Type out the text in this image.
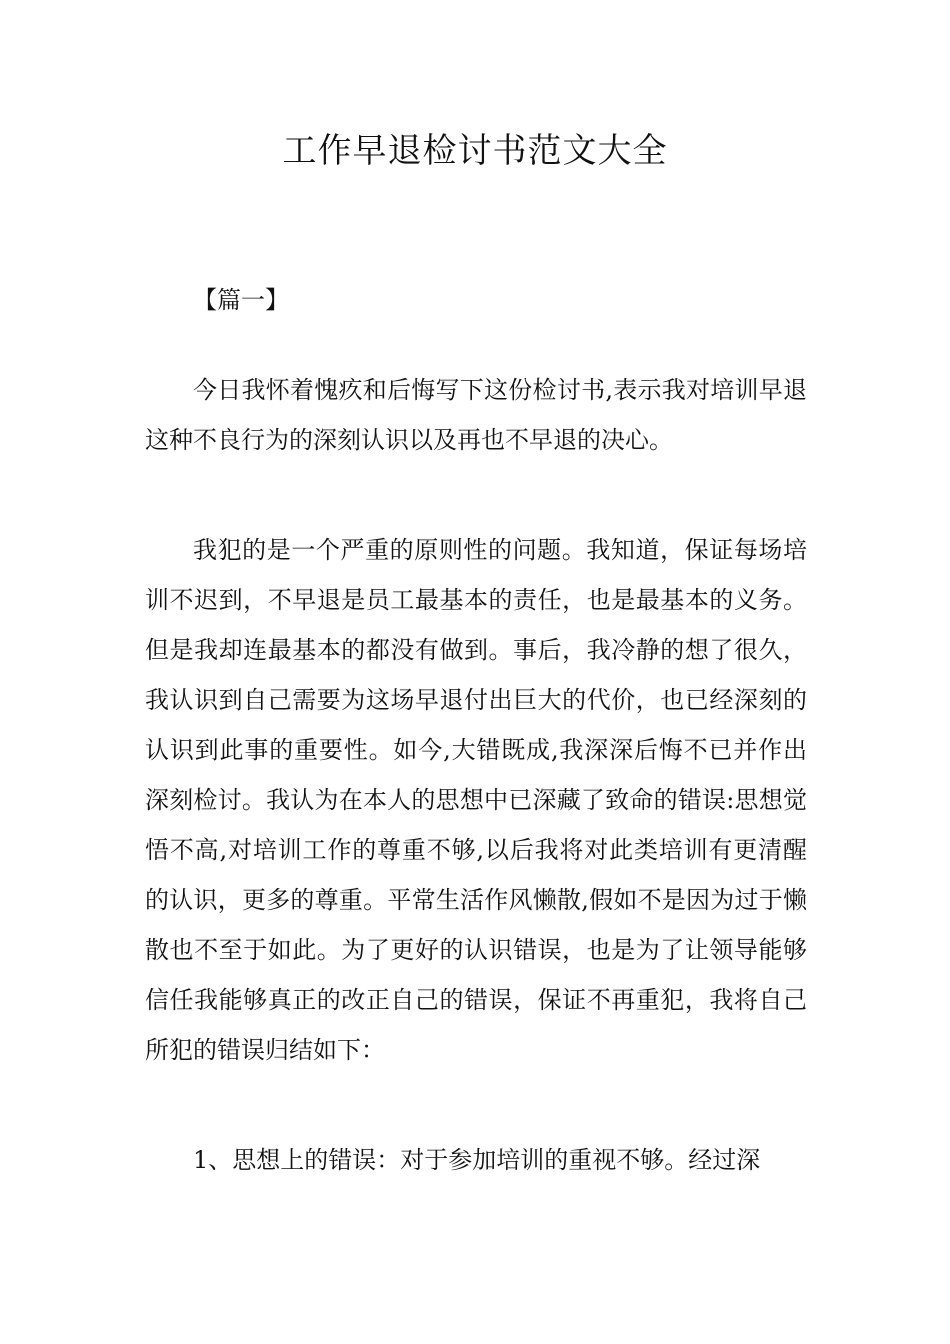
工作早退检讨书范文大全

【篇一】

今日我怀着愧疚和后悔写下这份检讨书,表示我对培训早退这种不良行为的深刻认识以及再也不早退的决心。

我犯的是一个严重的原则性的问题。我知道，保证每场培训不迟到，不早退是员工最基本的责任，也是最基本的义务。但是我却连最基本的都没有做到。事后，我冷静的想了很久，我认识到自己需要为这场早退付出巨大的代价，也已经深刻的认识到此事的重要性。如今,大错既成,我深深后悔不已并作出深刻检讨。我认为在本人的思想中已深藏了致命的错误:思想觉悟不高,对培训工作的尊重不够,以后我将对此类培训有更清醒的认识，更多的尊重。平常生活作风懒散,假如不是因为过于懒散也不至于如此。为了更好的认识错误，也是为了让领导能够信任我能够真正的改正自己的错误，保证不再重犯，我将自己所犯的错误归结如下：

1、思想上的错误：对于参加培训的重视不够。经过深
